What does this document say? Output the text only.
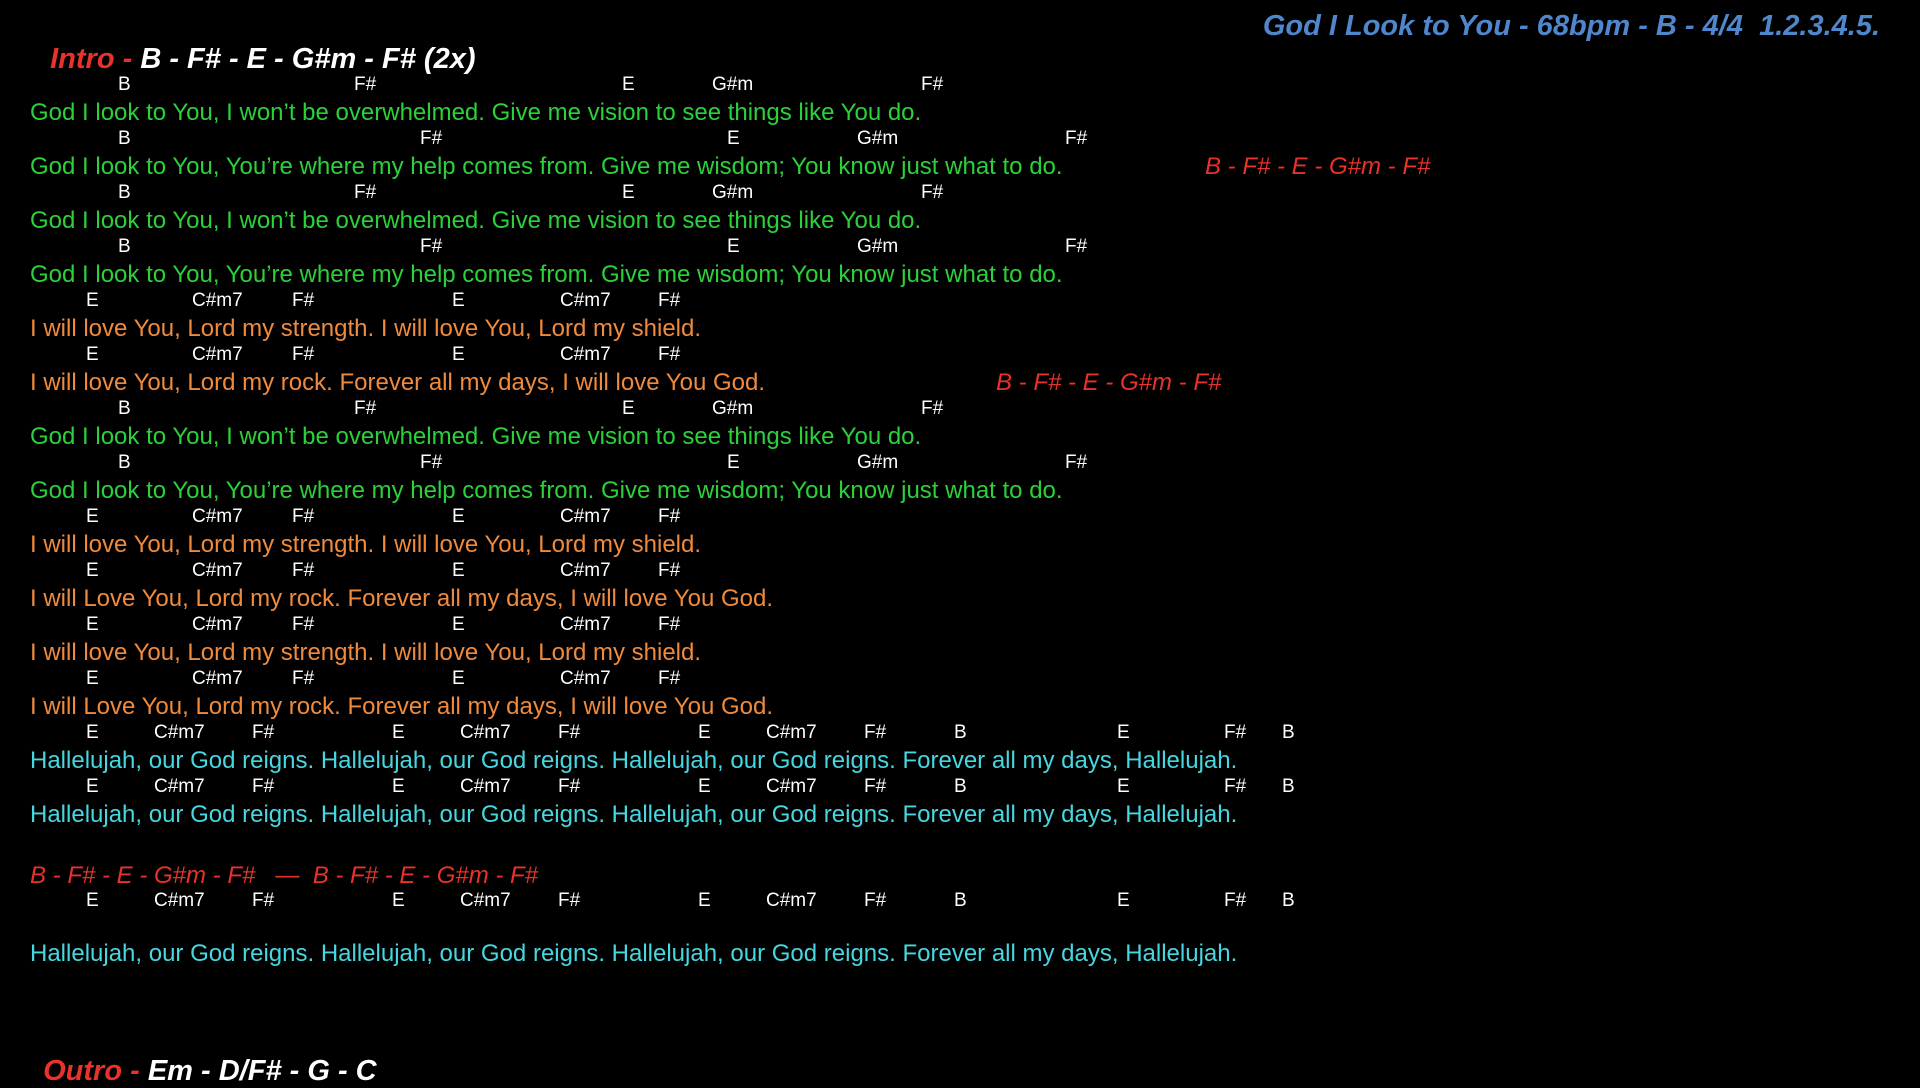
Intro - B - F# - E - G#m - F# (2x)

God I Look to You - 68bpm - B - 4/4  1.2.3.4.5.
B	F#	E	G#m	F#
God I look to You, I won’t be overwhelmed. Give me vision to see things like You do.
B	F#	E	G#m	F#
God I look to You, You’re where my help comes from. Give me wisdom; You know just what to do.	B - F# - E - G#m - F#
B	F#	E	G#m	F#
God I look to You, I won’t be overwhelmed. Give me vision to see things like You do.
B	F#	E	G#m	F#
God I look to You, You’re where my help comes from. Give me wisdom; You know just what to do.
E	C#m7	F#	E	C#m7 F#
I will love You, Lord my strength. I will love You, Lord my shield.
E	C#m7	F#	E	C#m7 F#
I will love You, Lord my rock. Forever all my days, I will love You God.	B - F# - E - G#m - F#
B	F#	E	G#m	F#
God I look to You, I won’t be overwhelmed. Give me vision to see things like You do.
B	F#	E	G#m	F#
God I look to You, You’re where my help comes from. Give me wisdom; You know just what to do.
E	C#m7	F#	E	C#m7 F#
I will love You, Lord my strength. I will love You, Lord my shield.
E	C#m7	F#	E	C#m7 F#
I will Love You, Lord my rock. Forever all my days, I will love You God.
E	C#m7	F#	E	C#m7 F#
I will love You, Lord my strength. I will love You, Lord my shield.
E	C#m7	F#	E	C#m7 F#
I will Love You, Lord my rock. Forever all my days, I will love You God.
E	C#m7 F#	E	C#m7 F#	E	C#m7 F#	B	E	F# B
Hallelujah, our God reigns. Hallelujah, our God reigns. Hallelujah, our God reigns. Forever all my days, Hallelujah.
E	C#m7 F#	E	C#m7 F#	E	C#m7 F#	B	E	F# B
Hallelujah, our God reigns. Hallelujah, our God reigns. Hallelujah, our God reigns. Forever all my days, Hallelujah.
B - F# - E - G#m - F#   —  B - F# - E - G#m - F#
E	C#m7 F#	E	C#m7 F#	E	C#m7 F#	B	E	F# B
Hallelujah, our God reigns. Hallelujah, our God reigns. Hallelujah, our God reigns. Forever all my days, Hallelujah.

Outro - Em - D/F# - G - C
